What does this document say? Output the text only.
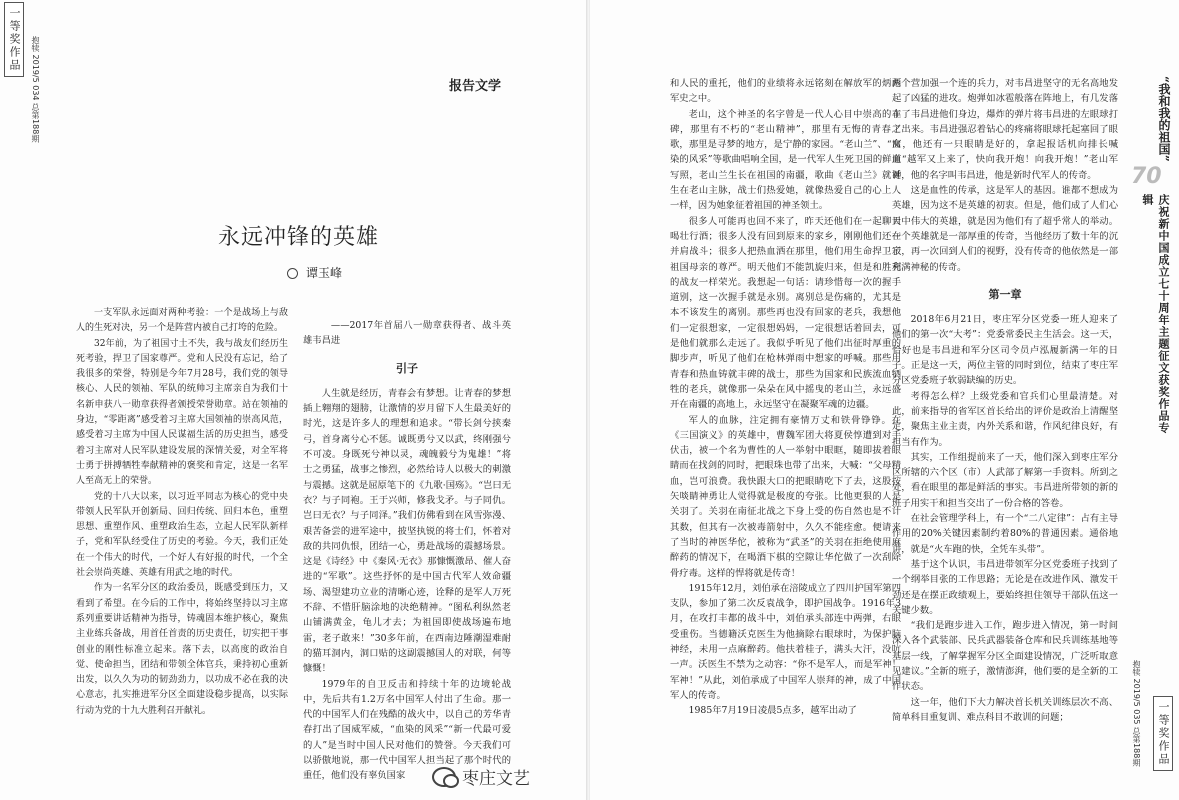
一等奖作品	抱犊 2019/5 034 总第188期	报告文学
永远冲锋的英雄
谭玉峰

一支军队永远面对两种考验：一个是战场上与敌人的生死对决，另一个是阵营内被自己打垮的危险。

32年前，为了祖国寸土不失，我与战友们经历生死考验，捍卫了国家尊严。党和人民没有忘记，给了我很多的荣誉，特别是今年7月28号，我们党的领导核心、人民的领袖、军队的统帅习主席亲自为我们十名新申获八一勋章获得者颁授荣誉勋章。站在领袖的身边，“零距离”感受着习主席大国领袖的崇高风范，感受着习主席为中国人民谋福生活的历史担当，感受着习主席对人民军队建设发展的深情关爱，对全军将士勇于拼搏牺牲奉献精神的褒奖和肯定，这是一名军人至高无上的荣誉。

党的十八大以来，以习近平同志为核心的党中央带领人民军队开创新局、回归传统、回归本色，重塑思想、重塑作风、重塑政治生态，立起人民军队新样子，党和军队经受住了历史的考验。今天，我们正处在一个伟大的时代，一个好人有好报的时代，一个全社会崇尚英雄、英雄有用武之地的时代。

作为一名军分区的政治委员，既感受到压力，又看到了希望。在今后的工作中，将始终坚持以习主席系列重要讲话精神为指导，铸魂固本维护核心，聚焦主业练兵备战，用首任首责的历史责任，切实把干事创业的刚性标准立起来。落下去，以高度的政治自觉、使命担当，团结和带领全体官兵，秉持初心重新出发，以久久为功的韧劲劲力，以功成不必在我的决心意志，扎实推进军分区全面建设稳步提高，以实际行动为党的十九大胜利召开献礼。

——2017年首届八一勋章获得者、战斗英雄韦昌进

引子

人生就是经历，青春会有梦想。让青春的梦想插上翱翔的翅膀，让激情的岁月留下人生最美好的时光，这是许多人的理想和追求。“带长剑兮挟秦弓，首身离兮心不惩。诚既勇兮又以武，终刚强兮不可凌。身既死兮神以灵，魂魄毅兮为鬼雄！”将士之勇猛，战事之惨烈，必然给诗人以极大的刺激与震撼。这就是屈原笔下的《九歌·国殇》。“岂曰无衣？与子同袍。王于兴师，修我戈矛。与子同仇。岂曰无衣？与子同泽。”我们仿佛看到在风雪弥漫、艰苦备尝的进军途中，披坚执锐的将士们，怀着对敌的共同仇恨，团结一心，勇赴战场的震撼场景。这是《诗经》中《秦风·无衣》那慷慨激昂、催人奋进的“军歌”。这些抒怀的是中国古代军人效命疆场、渴望建功立业的清晰心迹，诠释的是军人万死不辞、不惜肝脑涂地的决绝精神。“图私利纵然老山铺满黄金，龟儿才去；为祖国即使战场遍布地雷，老子敢来！”30多年前，在西南边陲潮湿难耐的猫耳洞内，洞口贴的这副震撼国人的对联，何等慷慨！

1979年的自卫反击和持续十年的边境轮战中，先后共有1.2万名中国军人付出了生命。那一代的中国军人们在残酷的战火中，以自己的芳华青春打出了国威军威，“血染的风采”“新一代最可爱的人”是当时中国人民对他们的赞誉。今天我们可以骄傲地说，那一代中国军人担当起了那个时代的重任，他们没有辜负国家

和人民的重托，他们的业绩将永远铭刻在解放军的炳彪军史之中。

老山，这个神圣的名字曾是一代人心目中崇高的丰碑，那里有不朽的“老山精神”，那里有无悔的青春之歌，那里是寻梦的地方，是宁静的家园。“老山兰”、“血染的风采”等歌曲唱响全国，是一代军人生死卫国的鲜血写照，老山兰生长在祖国的南疆，歌曲《老山兰》就诞生在老山主脉，战士们热爱她，就像热爱自己的心上人一样，因为她象征着祖国的神圣领土。

很多人可能再也回不来了，昨天还他们在一起聊天喝壮行酒；很多人没有回到原来的家乡，刚刚他们还在并肩战斗；很多人把热血洒在那里，他们用生命捍卫了祖国母亲的尊严。明天他们不能凯旋归来，但是和胜利的战友一样荣光。我想起一句话：请珍惜每一次的握手道别，这一次握手就是永别。离别总是伤痛的，尤其是本不该发生的离别。那些再也没有回家的老兵，我想他们一定很想家，一定很想妈妈，一定很想话着回去，可是他们就那么走远了。我似乎听见了他们出征时厚重的脚步声，听见了他们在枪林弹雨中想家的呼喊。那些用青春和热血铸就丰碑的战士，那些为国家和民族流血牺牲的老兵，就像那一朵朵在风中摇曳的老山兰，永远盛开在南疆的高地上，永远坚守在凝聚军魂的边疆。

军人的血脉，注定拥有豪情万丈和铁骨铮铮。在《三国演义》的英雄中，曹魏军团大将夏侯惇遭到对手伏击，被一个名为曹性的人一举射中眼眶，随即拔着眼睛而在找剑的同时，把眼珠也带了出来，大喊：“父母精血，岂可浪费。我快跟大口的把眼睛吃下了去，这股按矢啖睛神勇让人觉得就是极度的夸张。比他更狠的人是关羽了。关羽在南征北战之下身上受的伤自然也是不计其数，但其有一次被毒箭射中，久久不能痊愈。便请来了当时的神医华佗，被称为“武圣”的关羽在拒绝使用麻醉药的情况下，在喝酒下棋的空隙让华佗做了一次刮除骨疗毒。这样的悍将就是传奇！

1915年12月，刘伯承在涪陵成立了四川护国军第四支队，参加了第二次反袁战争，即护国战争。1916年3月，在攻打丰都的战斗中，刘伯承头部连中两弹，右眼受重伤。当德籍沃克医生为他摘除右眼球时，为保护脑神经，未用一点麻醉药。他扶着桂子，满头大汗，没吭一声。沃医生不禁为之动容：“你不是军人，而是军神！军神！”从此，刘伯承成了中国军人崇拜的神，成了中国军人的传奇。

1985年7月19日凌晨5点多，越军出动了

两个营加强一个连的兵力，对韦昌进坚守的无名高地发起了凶猛的进攻。炮弹如冰雹般落在阵地上，有几发落在了韦昌进他们身边，爆炸的弹片将韦昌进的左眼球打了出来。韦昌进强忍着钻心的疼痛将眼球托起塞回了眼窝，他还有一只眼睛是好的，拿起报话机向排长喊道“越军又上来了，快向我开炮！向我开炮！”老山军神，他的名字叫韦昌进，他是新时代军人的传奇。

这是血性的传承，这是军人的基因。谁都不想成为英雄，因为这不是英雄的初衷。但是，他们成了人们心目中伟大的英雄，就是因为他们有了超乎常人的举动。一个英雄就是一部厚重的传奇，当他经历了数十年的沉寂，再一次回到人们的视野，没有传奇的他依然是一部充满神秘的传奇。

第一章

2018年6月21日，枣庄军分区党委一班人迎来了他们的第一次“大考”：党委常委民主生活会。这一天，恰好也是韦昌进和军分区司令员卢泓履新满一年的日子。正是这一天，两位主管的同时到位，结束了枣庄军分区党委班子软弱缺编的历史。

考得怎么样？上级党委和官兵们心里最清楚。对此，前来指导的省军区首长给出的评价是政治上清醒坚定，聚焦主业主责，内外关系和谐，作风纪律良好，有担当有作为。

其实，工作组提前来了一天，他们深入到枣庄军分区所辖的六个区（市）人武部了解第一手资料。所到之处，看在眼里的都是鲜活的事实。韦昌进所带领的新的班子用实干和担当交出了一份合格的答卷。

在社会管理学科上，有一个“二八定律”：占有主导作用的20%关键因素制约着80%的普通因素。通俗地讲，就是“火车跑的快，全凭车头带”。

基于这个认识，韦昌进带领军分区党委班子找到了一个纲举目张的工作思路；无论是在改进作风、激发干劲还是在摆正政绩观上，要始终担住领导干部队伍这一关键少数。

“我们是跑步进入工作，跑步进入情况，第一时间深入各个武装部、民兵武器装备仓库和民兵训练基地等基层一线，了解掌握军分区全面建设情况，广泛听取意见建议。”全新的班子，激情澎湃，他们要的是全新的工作状态。

这一年，他们下大力解决首长机关训练层次不高、简单科目重复训、难点科目不敢训的问题；

“我和我的祖国”
70
庆祝新中国成立七十周年主题征文获奖作品专辑
抱犊 2019/5 035 总第188期	一等奖作品
枣庄文艺
